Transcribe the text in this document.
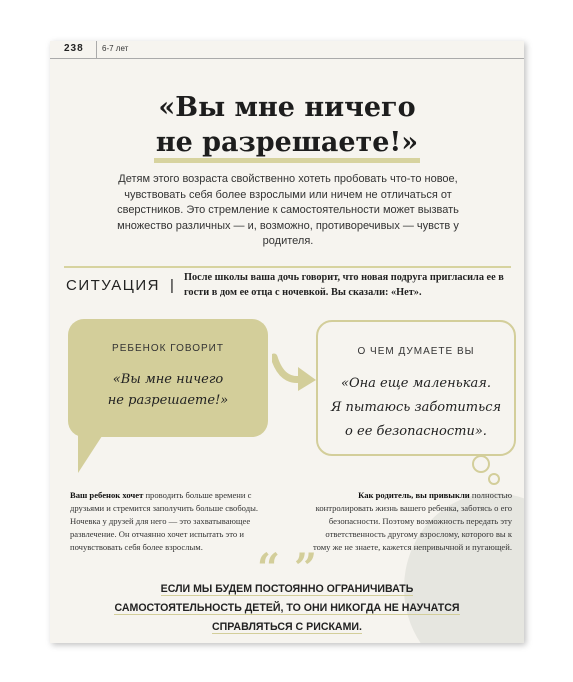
238 6-7 лет
«Вы мне ничего
не разрешаете!»
Детям этого возраста свойственно хотеть пробовать что-то новое, чувствовать себя более взрослыми или ничем не отличаться от сверстников. Это стремление к самостоятельности может вызвать множество различных — и, возможно, противоречивых — чувств у родителя.
СИТУАЦИЯ | После школы ваша дочь говорит, что новая подруга пригласила ее в гости в дом ее отца с ночевкой. Вы сказали: «Нет».
РЕБЕНОК ГОВОРИТ
«Вы мне ничего
не разрешаете!»
О ЧЕМ ДУМАЕТЕ ВЫ
«Она еще маленькая.
Я пытаюсь заботиться
о ее безопасности».
Ваш ребенок хочет проводить больше времени с друзьями и стремится заполучить больше свободы. Ночевка у друзей для него — это захватывающее развлечение. Он отчаянно хочет испытать это и почувствовать себя более взрослым.
Как родитель, вы привыкли полностью контролировать жизнь вашего ребенка, заботясь о его безопасности. Поэтому возможность передать эту ответственность другому взрослому, которого вы к тому же не знаете, кажется непривычной и пугающей.
“ ”
ЕСЛИ МЫ БУДЕМ ПОСТОЯННО ОГРАНИЧИВАТЬ
САМОСТОЯТЕЛЬНОСТЬ ДЕТЕЙ, ТО ОНИ НИКОГДА НЕ НАУЧАТСЯ
СПРАВЛЯТЬСЯ С РИСКАМИ.
